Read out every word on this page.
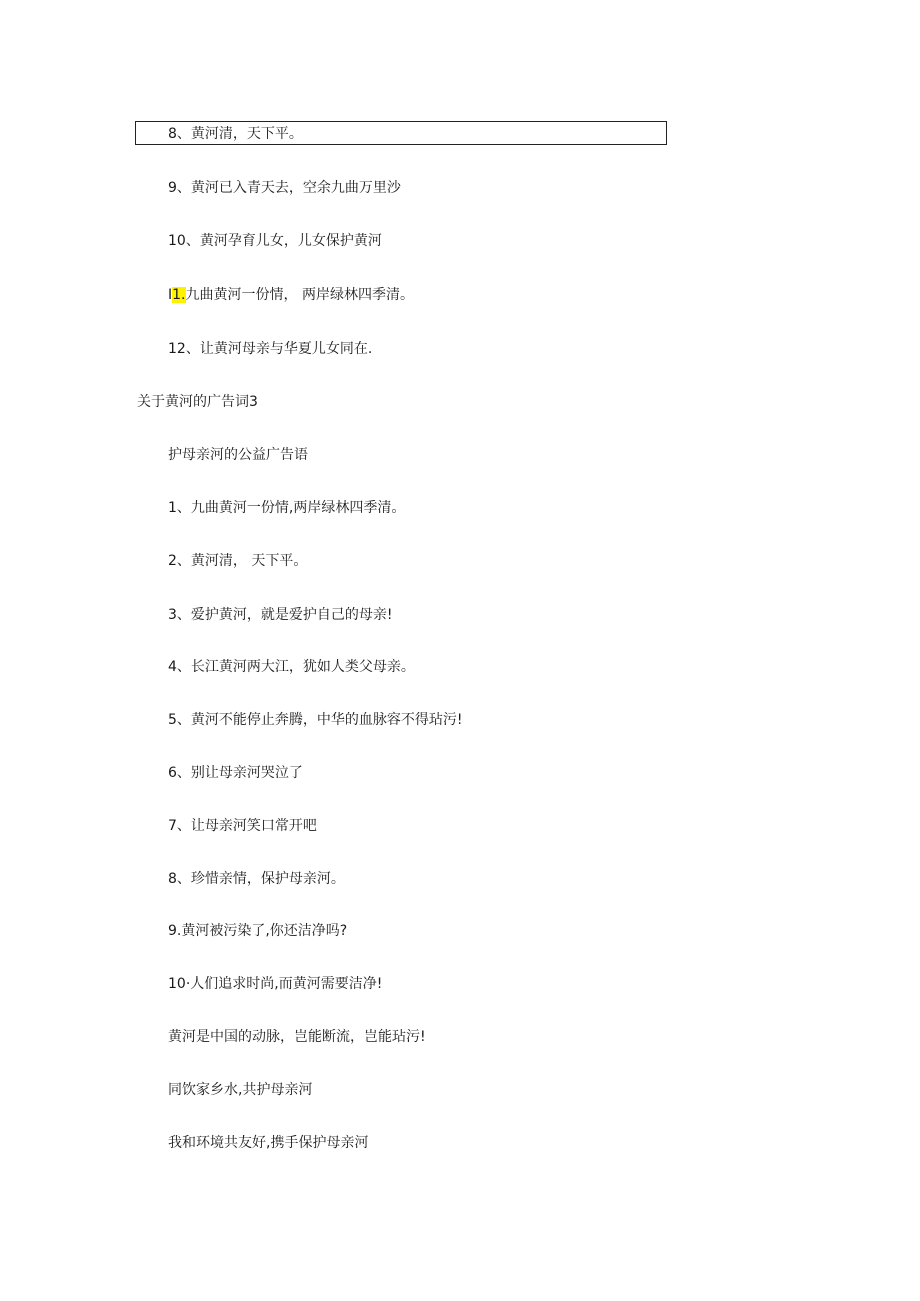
8、黄河清，天下平。
9、黄河已入青天去，空余九曲万里沙
10、黄河孕育儿女，儿女保护黄河
I1.九曲黄河一份情， 两岸绿林四季清。
12、让黄河母亲与华夏儿女同在.
关于黄河的广告词3
护母亲河的公益广告语
1、九曲黄河一份情,两岸绿林四季清。
2、黄河清， 天下平。
3、爱护黄河，就是爱护自己的母亲!
4、长江黄河两大江，犹如人类父母亲。
5、黄河不能停止奔腾，中华的血脉容不得玷污!
6、别让母亲河哭泣了
7、让母亲河笑口常开吧
8、珍惜亲情，保护母亲河。
9.黄河被污染了,你还洁净吗?
10·人们追求时尚,而黄河需要洁净!
黄河是中国的动脉，岂能断流，岂能玷污!
同饮家乡水,共护母亲河
我和环境共友好,携手保护母亲河
